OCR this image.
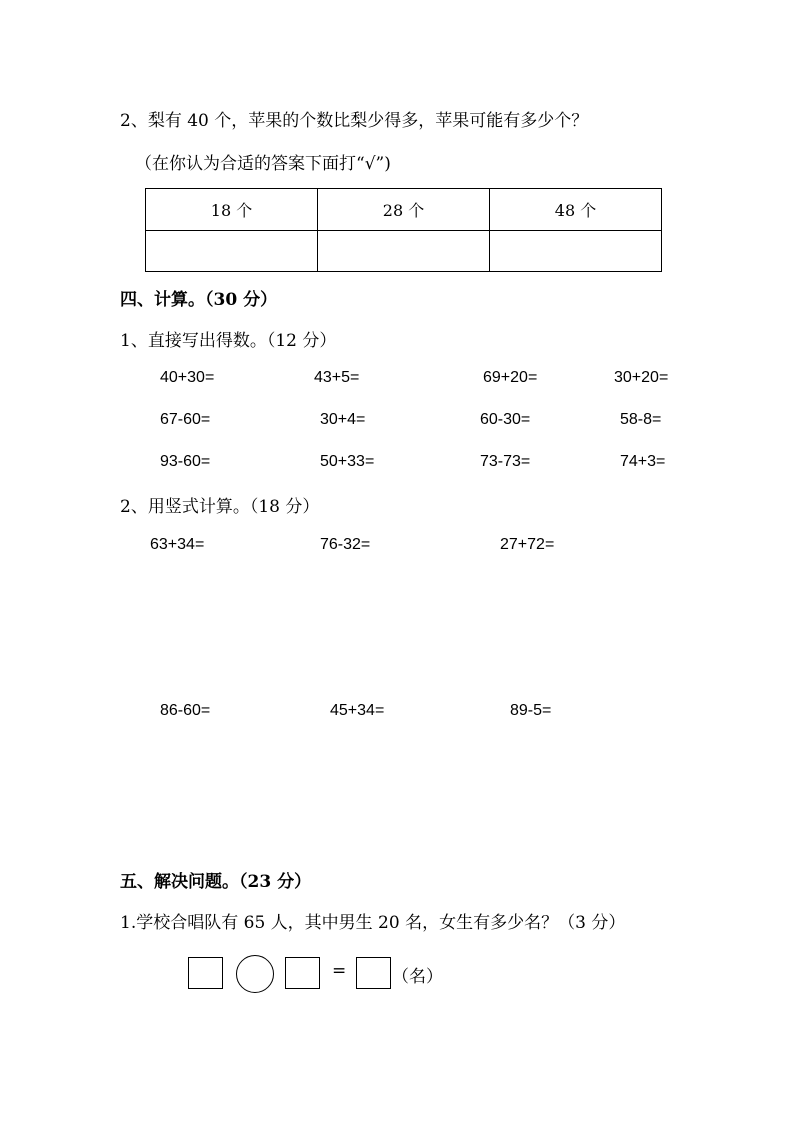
2、梨有 40 个，苹果的个数比梨少得多，苹果可能有多少个？
（在你认为合适的答案下面打“√”)
18 个	28 个	48 个

四、计算。（30 分）
1、直接写出得数。（12 分）
40+30=	43+5=	69+20=	30+20=
67-60=	30+4=	60-30=	58-8=
93-60=	50+33=	73-73=	74+3=
2、用竖式计算。（18 分）
63+34=	76-32=	27+72=
86-60=	45+34=	89-5=
五、解决问题。（23 分）
1.学校合唱队有 65 人，其中男生 20 名，女生有多少名？（3 分）
=	（名）
